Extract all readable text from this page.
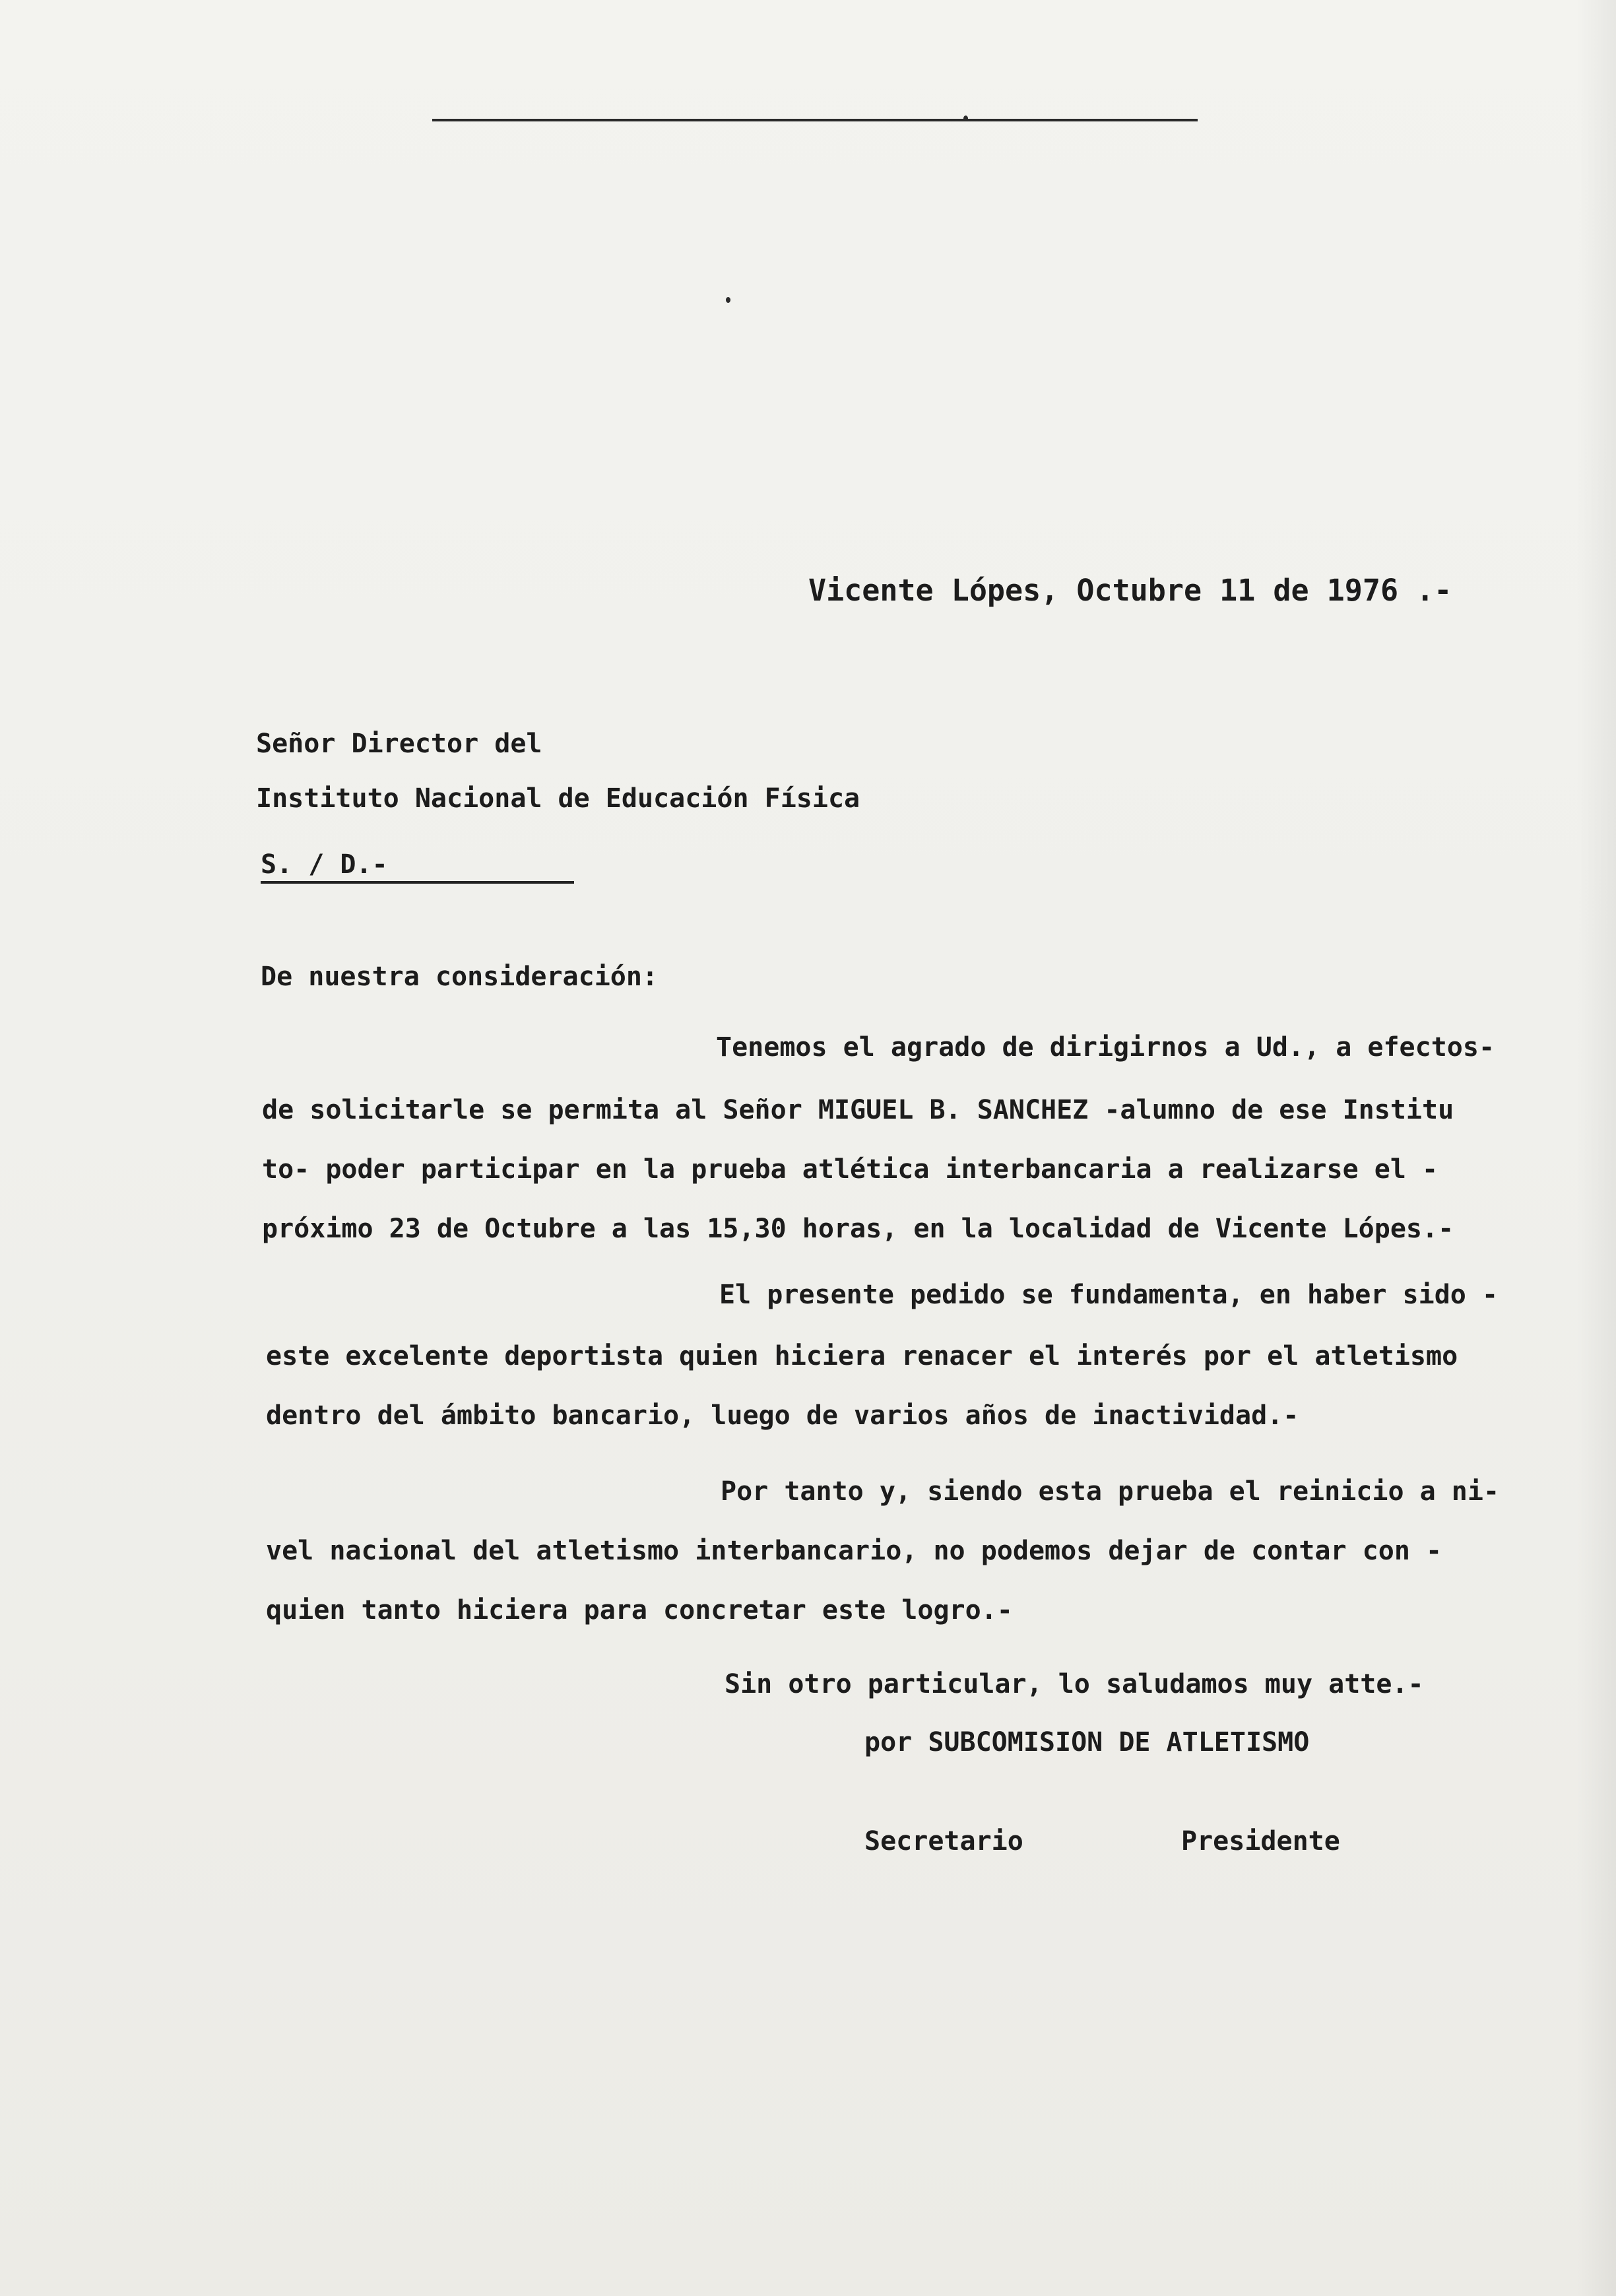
Vicente Lópes, Octubre 11 de 1976 .-
Señor Director del
Instituto Nacional de Educación Física
S. / D.-
De nuestra consideración:
Tenemos el agrado de dirigirnos a Ud., a efectos-
de solicitarle se permita al Señor MIGUEL B. SANCHEZ -alumno de ese Institu
to- poder participar en la prueba atlética interbancaria a realizarse el -
próximo 23 de Octubre a las 15,30 horas, en la localidad de Vicente Lópes.-
El presente pedido se fundamenta, en haber sido -
este excelente deportista quien hiciera renacer el interés por el atletismo
dentro del ámbito bancario, luego de varios años de inactividad.-
Por tanto y, siendo esta prueba el reinicio a ni-
vel nacional del atletismo interbancario, no podemos dejar de contar con -
quien tanto hiciera para concretar este logro.-
Sin otro particular, lo saludamos muy atte.-
por SUBCOMISION DE ATLETISMO
Secretario	Presidente
